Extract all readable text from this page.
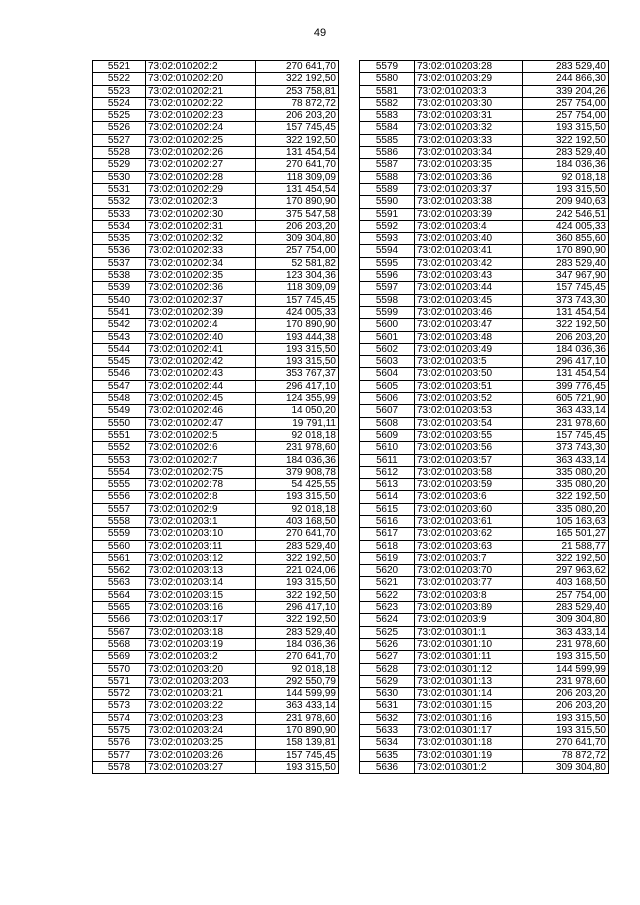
49
5521	73:02:010202:2	270 641,70
5522	73:02:010202:20	322 192,50
5523	73:02:010202:21	253 758,81
5524	73:02:010202:22	78 872,72
5525	73:02:010202:23	206 203,20
5526	73:02:010202:24	157 745,45
5527	73:02:010202:25	322 192,50
5528	73:02:010202:26	131 454,54
5529	73:02:010202:27	270 641,70
5530	73:02:010202:28	118 309,09
5531	73:02:010202:29	131 454,54
5532	73:02:010202:3	170 890,90
5533	73:02:010202:30	375 547,58
5534	73:02:010202:31	206 203,20
5535	73:02:010202:32	309 304,80
5536	73:02:010202:33	257 754,00
5537	73:02:010202:34	52 581,82
5538	73:02:010202:35	123 304,36
5539	73:02:010202:36	118 309,09
5540	73:02:010202:37	157 745,45
5541	73:02:010202:39	424 005,33
5542	73:02:010202:4	170 890,90
5543	73:02:010202:40	193 444,38
5544	73:02:010202:41	193 315,50
5545	73:02:010202:42	193 315,50
5546	73:02:010202:43	353 767,37
5547	73:02:010202:44	296 417,10
5548	73:02:010202:45	124 355,99
5549	73:02:010202:46	14 050,20
5550	73:02:010202:47	19 791,11
5551	73:02:010202:5	92 018,18
5552	73:02:010202:6	231 978,60
5553	73:02:010202:7	184 036,36
5554	73:02:010202:75	379 908,78
5555	73:02:010202:78	54 425,55
5556	73:02:010202:8	193 315,50
5557	73:02:010202:9	92 018,18
5558	73:02:010203:1	403 168,50
5559	73:02:010203:10	270 641,70
5560	73:02:010203:11	283 529,40
5561	73:02:010203:12	322 192,50
5562	73:02:010203:13	221 024,06
5563	73:02:010203:14	193 315,50
5564	73:02:010203:15	322 192,50
5565	73:02:010203:16	296 417,10
5566	73:02:010203:17	322 192,50
5567	73:02:010203:18	283 529,40
5568	73:02:010203:19	184 036,36
5569	73:02:010203:2	270 641,70
5570	73:02:010203:20	92 018,18
5571	73:02:010203:203	292 550,79
5572	73:02:010203:21	144 599,99
5573	73:02:010203:22	363 433,14
5574	73:02:010203:23	231 978,60
5575	73:02:010203:24	170 890,90
5576	73:02:010203:25	158 139,81
5577	73:02:010203:26	157 745,45
5578	73:02:010203:27	193 315,50
5579	73:02:010203:28	283 529,40
5580	73:02:010203:29	244 866,30
5581	73:02:010203:3	339 204,26
5582	73:02:010203:30	257 754,00
5583	73:02:010203:31	257 754,00
5584	73:02:010203:32	193 315,50
5585	73:02:010203:33	322 192,50
5586	73:02:010203:34	283 529,40
5587	73:02:010203:35	184 036,36
5588	73:02:010203:36	92 018,18
5589	73:02:010203:37	193 315,50
5590	73:02:010203:38	209 940,63
5591	73:02:010203:39	242 546,51
5592	73:02:010203:4	424 005,33
5593	73:02:010203:40	360 855,60
5594	73:02:010203:41	170 890,90
5595	73:02:010203:42	283 529,40
5596	73:02:010203:43	347 967,90
5597	73:02:010203:44	157 745,45
5598	73:02:010203:45	373 743,30
5599	73:02:010203:46	131 454,54
5600	73:02:010203:47	322 192,50
5601	73:02:010203:48	206 203,20
5602	73:02:010203:49	184 036,36
5603	73:02:010203:5	296 417,10
5604	73:02:010203:50	131 454,54
5605	73:02:010203:51	399 776,45
5606	73:02:010203:52	605 721,90
5607	73:02:010203:53	363 433,14
5608	73:02:010203:54	231 978,60
5609	73:02:010203:55	157 745,45
5610	73:02:010203:56	373 743,30
5611	73:02:010203:57	363 433,14
5612	73:02:010203:58	335 080,20
5613	73:02:010203:59	335 080,20
5614	73:02:010203:6	322 192,50
5615	73:02:010203:60	335 080,20
5616	73:02:010203:61	105 163,63
5617	73:02:010203:62	165 501,27
5618	73:02:010203:63	21 588,77
5619	73:02:010203:7	322 192,50
5620	73:02:010203:70	297 963,62
5621	73:02:010203:77	403 168,50
5622	73:02:010203:8	257 754,00
5623	73:02:010203:89	283 529,40
5624	73:02:010203:9	309 304,80
5625	73:02:010301:1	363 433,14
5626	73:02:010301:10	231 978,60
5627	73:02:010301:11	193 315,50
5628	73:02:010301:12	144 599,99
5629	73:02:010301:13	231 978,60
5630	73:02:010301:14	206 203,20
5631	73:02:010301:15	206 203,20
5632	73:02:010301:16	193 315,50
5633	73:02:010301:17	193 315,50
5634	73:02:010301:18	270 641,70
5635	73:02:010301:19	78 872,72
5636	73:02:010301:2	309 304,80
